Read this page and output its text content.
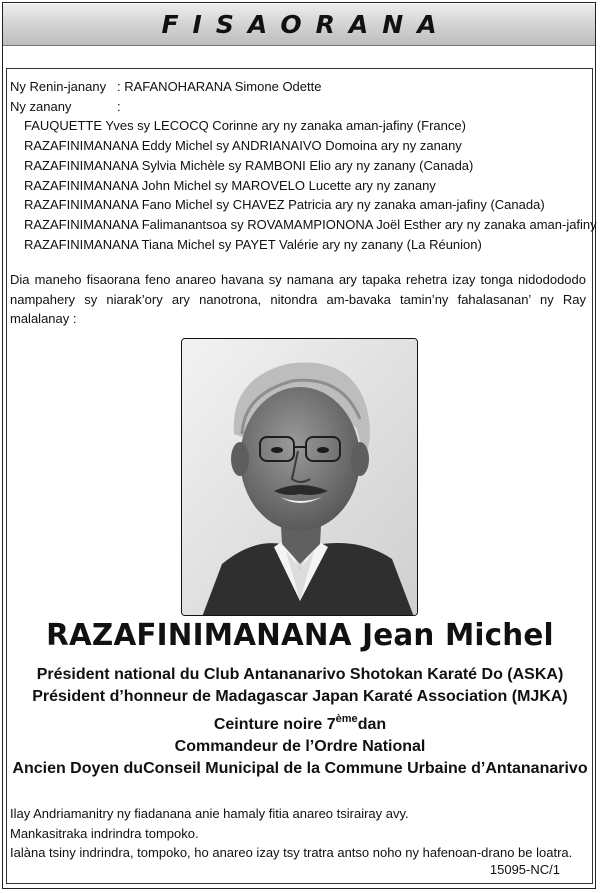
FISAORANA
Ny Renin-janany : RAFANOHARANA Simone Odette
Ny zanany	:
FAUQUETTE Yves sy LECOCQ Corinne ary ny zanaka aman-jafiny (France)
RAZAFINIMANANA Eddy Michel sy ANDRIANAIVO Domoina ary ny zanany
RAZAFINIMANANA Sylvia Michèle sy RAMBONI Elio ary ny zanany (Canada)
RAZAFINIMANANA John Michel sy MAROVELO Lucette ary ny zanany
RAZAFINIMANANA Fano Michel sy CHAVEZ Patricia ary ny zanaka aman-jafiny (Canada)
RAZAFINIMANANA Falimanantsoa sy ROVAMAMPIONONA Joël Esther ary ny zanaka aman-jafiny
RAZAFINIMANANA Tiana Michel sy PAYET Valérie ary ny zanany (La Réunion)
Dia maneho fisaorana feno anareo havana sy namana ary tapaka rehetra izay tonga nidodododo nampahery sy niarak’ory ary nanotrona, nitondra am-bavaka tamin’ny fahalasanan’ ny Ray malalanay :
RAZAFINIMANANA Jean Michel
Président national du Club Antananarivo Shotokan Karaté Do (ASKA)
Président d’honneur de Madagascar Japan Karaté Association (MJKA)
Ceinture noire 7èmedan
Commandeur de l’Ordre National
Ancien Doyen duConseil Municipal de la Commune Urbaine d’Antananarivo
Ilay Andriamanitry ny fiadanana anie hamaly fitia anareo tsirairay avy.
Mankasitraka indrindra tompoko.
Ialàna tsiny indrindra, tompoko, ho anareo izay tsy tratra antso noho ny hafenoan-drano be loatra.
15095-NC/1
